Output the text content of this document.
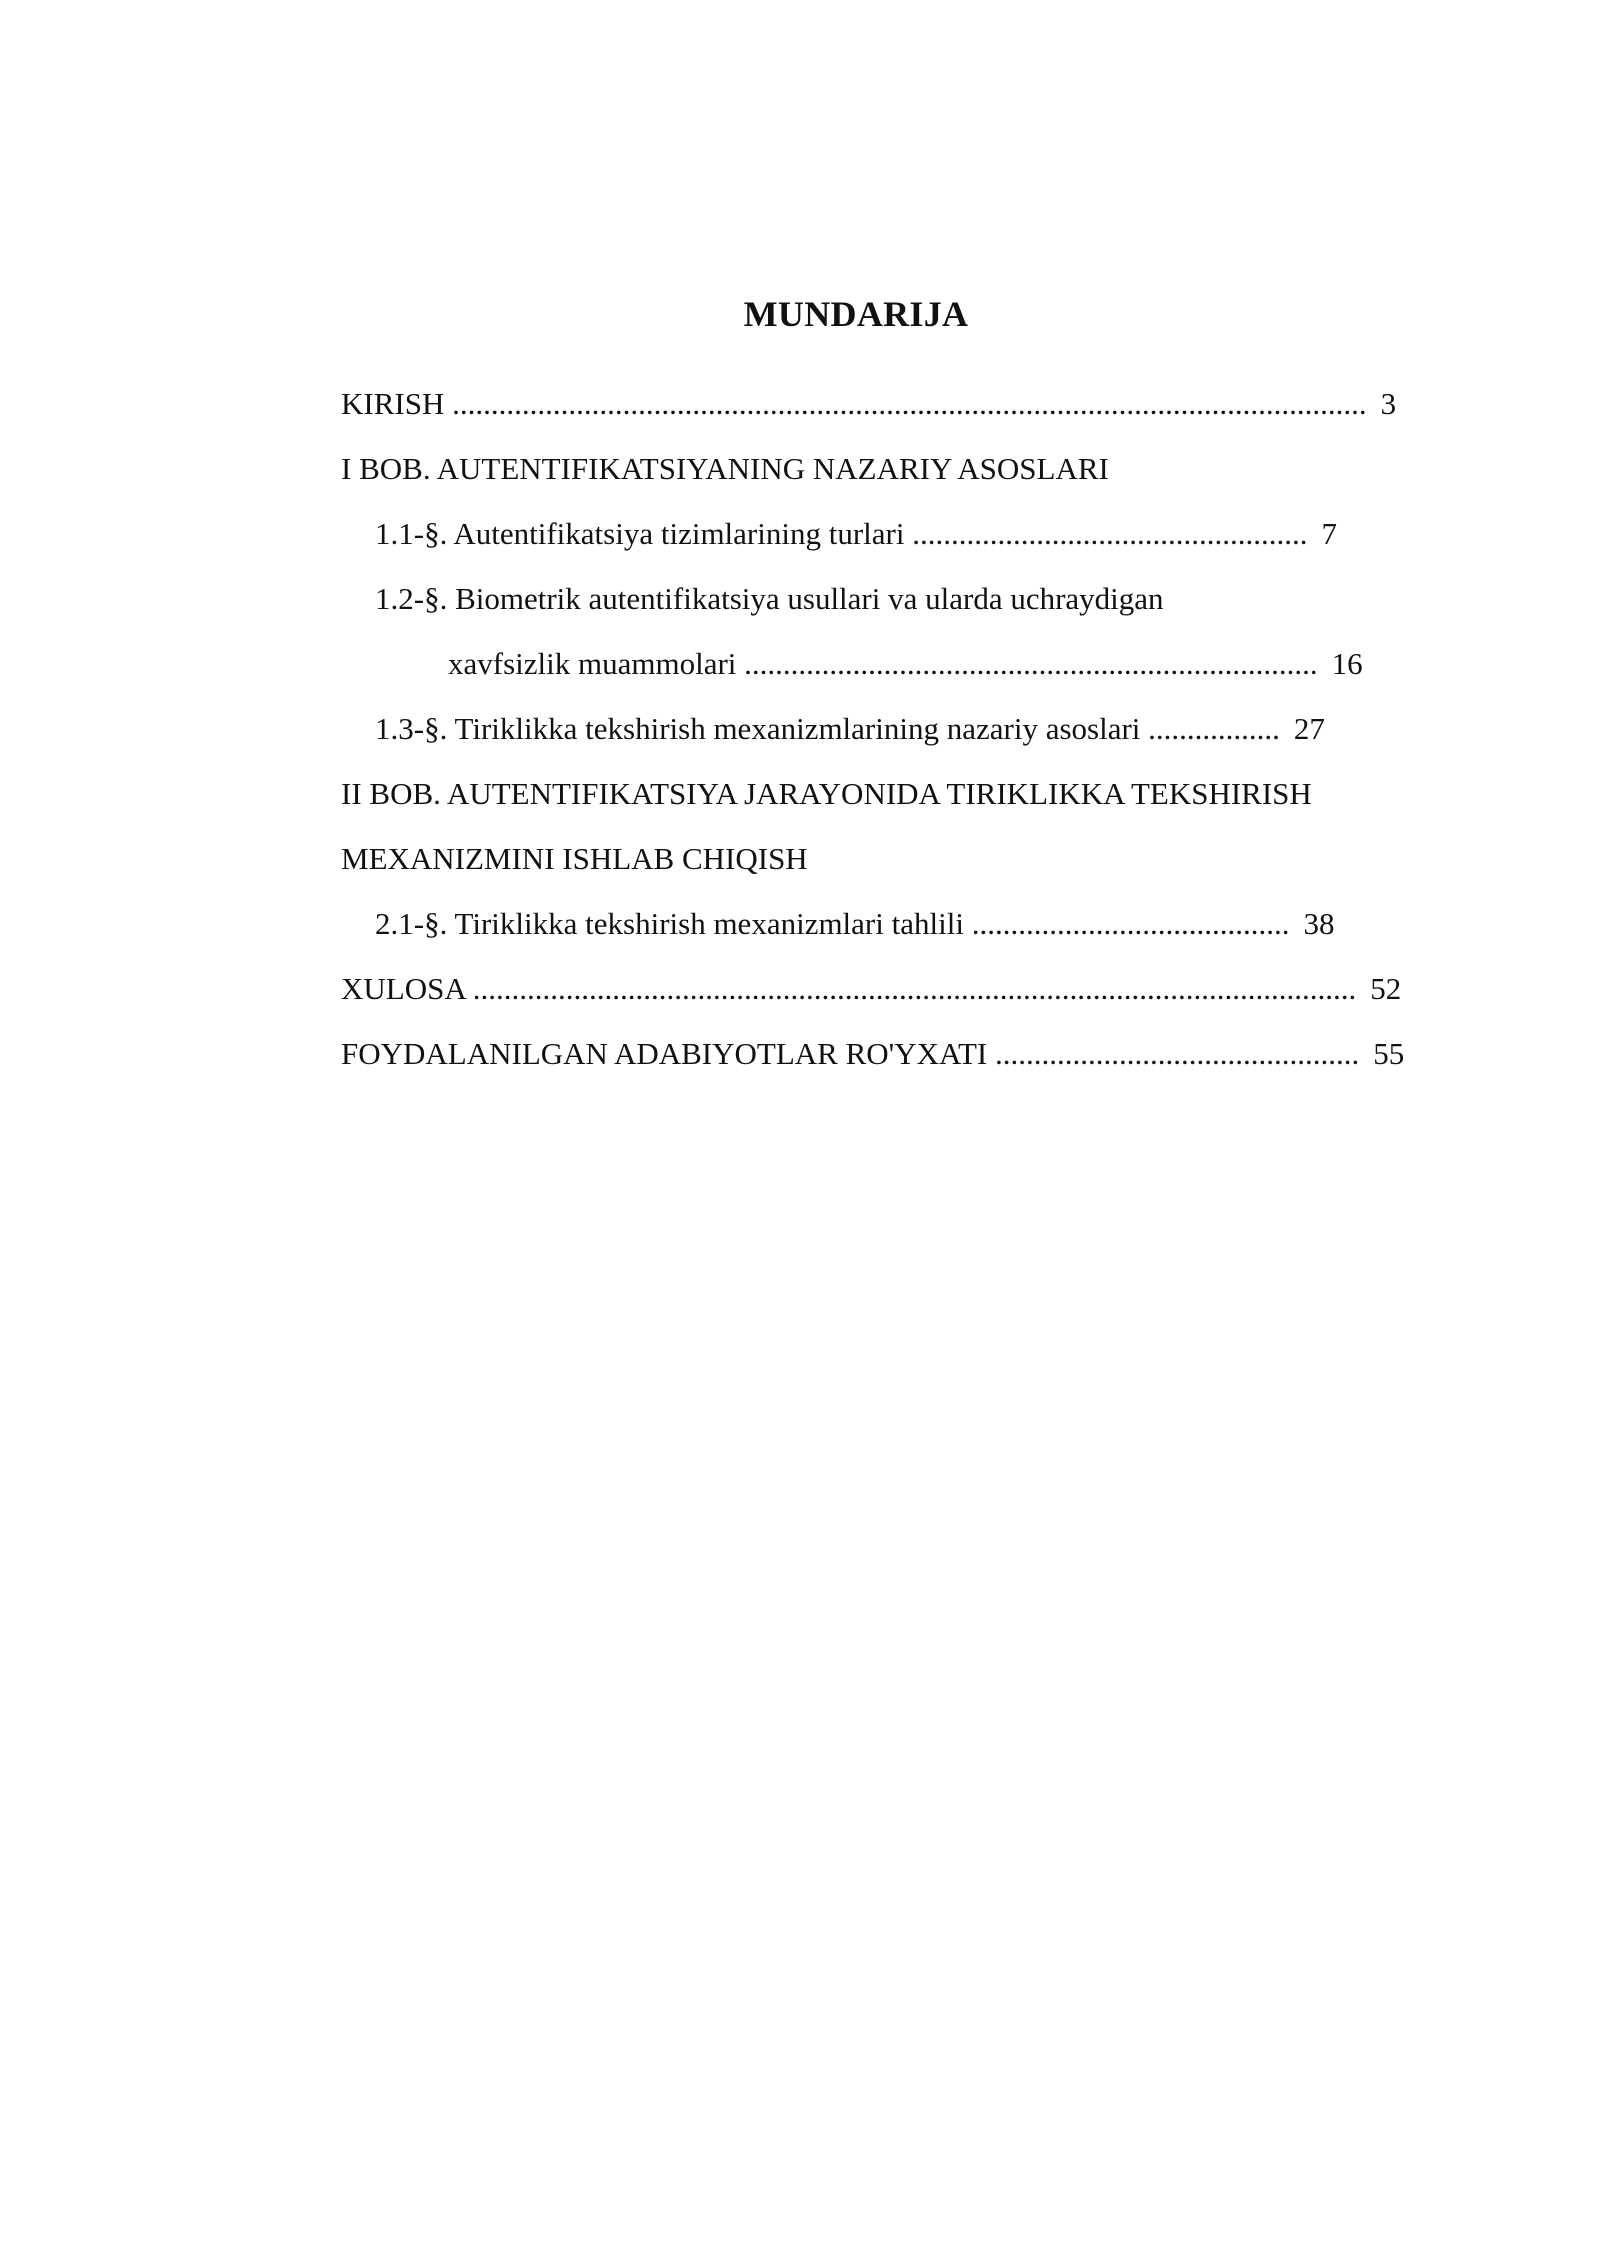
MUNDARIJA
KIRISH ...................................................................................................................... 3
I BOB. AUTENTIFIKATSIYANING NAZARIY ASOSLARI
1.1-§. Autentifikatsiya tizimlarining turlari ................................................... 7
1.2-§. Biometrik autentifikatsiya usullari va ularda uchraydigan
xavfsizlik muammolari .......................................................................... 16
1.3-§. Tiriklikka tekshirish mexanizmlarining nazariy asoslari ................. 27
II BOB. AUTENTIFIKATSIYA JARAYONIDA TIRIKLIKKA TEKSHIRISH
MEXANIZMINI ISHLAB CHIQISH
2.1-§. Tiriklikka tekshirish mexanizmlari tahlili ......................................... 38
XULOSA .................................................................................................................. 52
FOYDALANILGAN ADABIYOTLAR RO'YXATI ............................................... 55
